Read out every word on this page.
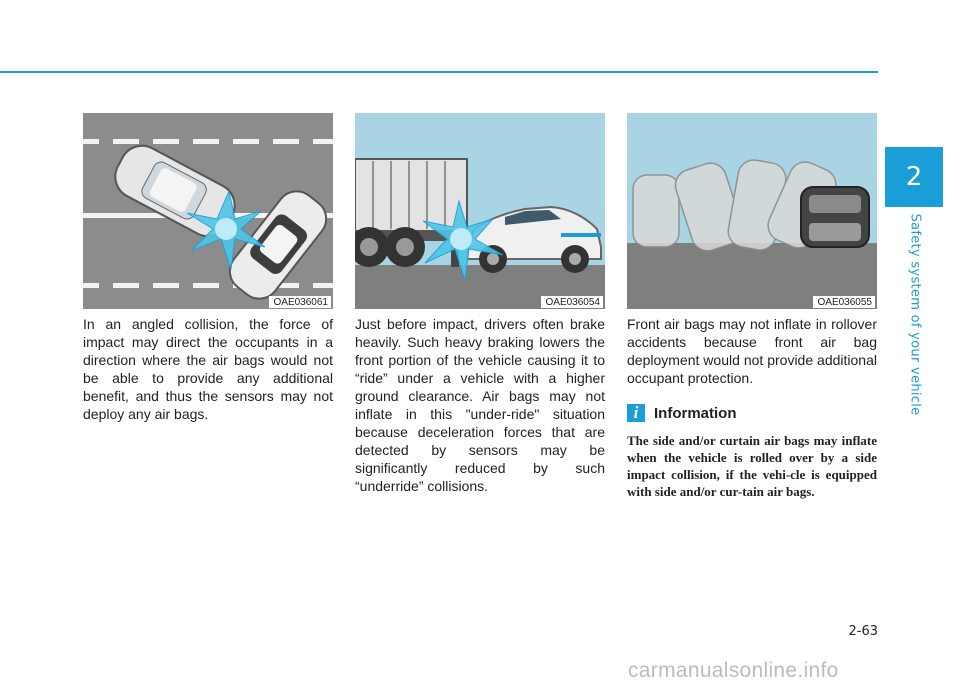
2
Safety system of your vehicle
OAE036061

In an angled collision, the force of impact may direct the occupants in a direction where the air bags would not be able to provide any additional benefit, and thus the sensors may not deploy any air bags.

OAE036054

Just before impact, drivers often brake heavily. Such heavy braking lowers the front portion of the vehicle causing it to “ride” under a vehicle with a higher ground clearance. Air bags may not inflate in this "under-ride" situation because deceleration forces that are detected by sensors may be significantly reduced by such “underride” collisions.

OAE036055

Front air bags may not inflate in rollover accidents because front air bag deployment would not provide additional occupant protection.

i	Information

The side and/or curtain air bags may inflate when the vehicle is rolled over by a side impact collision, if the vehi-cle is equipped with side and/or cur-tain air bags.

2-63
carmanualsonline.info
